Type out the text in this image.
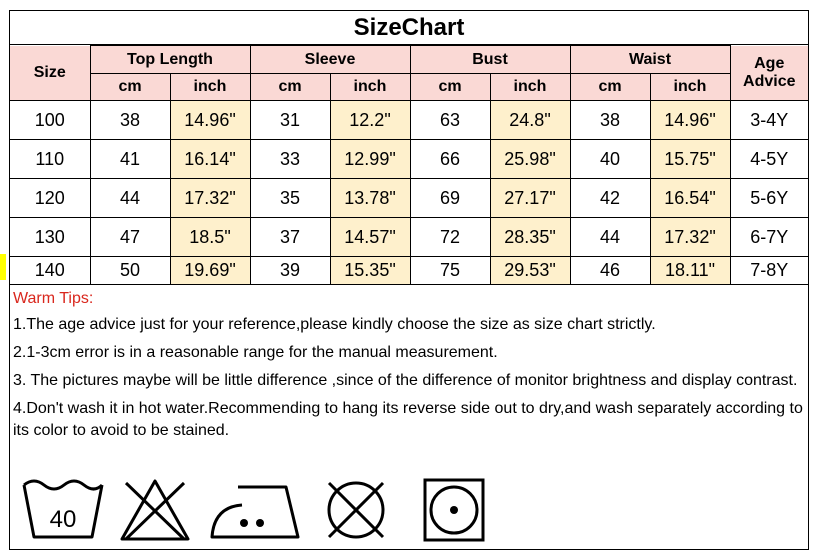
SizeChart
Size	Top Length		Sleeve		Bust		Waist		Age
Advice

	cm	inch	cm	inch	cm	inch	cm	inch	
100	38	14.96"	31	12.2"	63	24.8"	38	14.96"	3-4Y
110	41	16.14"	33	12.99"	66	25.98"	40	15.75"	4-5Y
120	44	17.32"	35	13.78"	69	27.17"	42	16.54"	5-6Y
130	47	18.5"	37	14.57"	72	28.35"	44	17.32"	6-7Y
140	50	19.69"	39	15.35"	75	29.53"	46	18.11"	7-8Y
Warm Tips:
1.The age advice just for your reference,please kindly choose the size as size chart strictly.
2.1-3cm error is in a reasonable range for the manual measurement.
3. The pictures maybe will be little difference ,since of the difference of monitor brightness and display contrast.
4.Don't wash it in hot water.Recommending to hang its reverse side out to dry,and wash separately according to its color to avoid to be stained.
40
